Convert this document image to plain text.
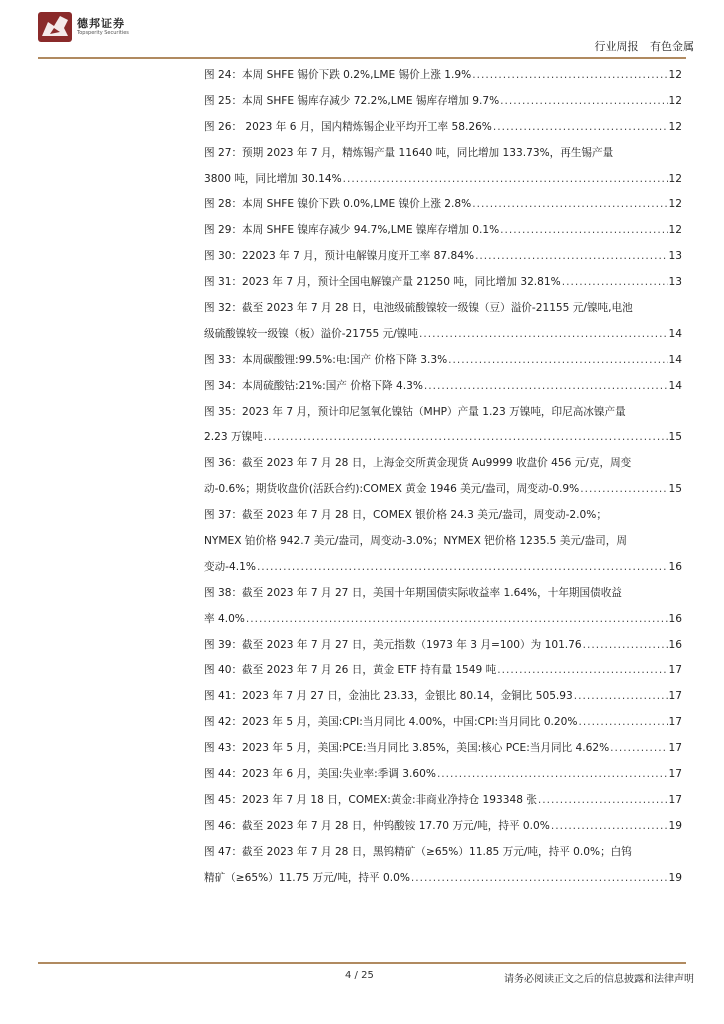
德邦证券
Topsperity Securities
行业周报 有色金属
图 24：本周 SHFE 锡价下跌 0.2%,LME 锡价上涨 1.9% .....	12
图 25：本周 SHFE 锡库存减少 72.2%,LME 锡库存增加 9.7% .....	12
图 26： 2023 年 6 月，国内精炼锡企业平均开工率 58.26% .....	12
图 27：预期 2023 年 7 月，精炼锡产量 11640 吨，同比增加 133.73%，再生锡产量
3800 吨，同比增加 30.14% .....	12
图 28：本周 SHFE 镍价下跌 0.0%,LME 镍价上涨 2.8% .....	12
图 29：本周 SHFE 镍库存减少 94.7%,LME 镍库存增加 0.1% .....	12
图 30：22023 年 7 月，预计电解镍月度开工率 87.84% .....	13
图 31：2023 年 7 月，预计全国电解镍产量 21250 吨，同比增加 32.81% .....	13
图 32：截至 2023 年 7 月 28 日，电池级硫酸镍较一级镍（豆）溢价-21155 元/镍吨,电池
级硫酸镍较一级镍（板）溢价-21755 元/镍吨 .....	14
图 33：本周碳酸锂:99.5%:电:国产 价格下降 3.3% .....	14
图 34：本周硫酸钴:21%:国产 价格下降 4.3% .....	14
图 35：2023 年 7 月，预计印尼氢氧化镍钴（MHP）产量 1.23 万镍吨，印尼高冰镍产量
2.23 万镍吨 .....	15
图 36：截至 2023 年 7 月 28 日，上海金交所黄金现货 Au9999 收盘价 456 元/克，周变
动-0.6%；期货收盘价(活跃合约):COMEX 黄金 1946 美元/盎司，周变动-0.9% .....	15
图 37：截至 2023 年 7 月 28 日，COMEX 银价格 24.3 美元/盎司，周变动-2.0%；
NYMEX 铂价格 942.7 美元/盎司，周变动-3.0%；NYMEX 钯价格 1235.5 美元/盎司，周
变动-4.1% .....	16
图 38：截至 2023 年 7 月 27 日，美国十年期国债实际收益率 1.64%，十年期国债收益
率 4.0% .....	16
图 39：截至 2023 年 7 月 27 日，美元指数（1973 年 3 月=100）为 101.76 .....	16
图 40：截至 2023 年 7 月 26 日，黄金 ETF 持有量 1549 吨 .....	17
图 41：2023 年 7 月 27 日，金油比 23.33，金银比 80.14，金铜比 505.93 .....	17
图 42：2023 年 5 月，美国:CPI:当月同比 4.00%，中国:CPI:当月同比 0.20% .....	17
图 43：2023 年 5 月，美国:PCE:当月同比 3.85%，美国:核心 PCE:当月同比 4.62% .....	17
图 44：2023 年 6 月，美国:失业率:季调 3.60% .....	17
图 45：2023 年 7 月 18 日，COMEX:黄金:非商业净持仓 193348 张 .....	17
图 46：截至 2023 年 7 月 28 日，仲钨酸铵 17.70 万元/吨，持平 0.0% .....	19
图 47：截至 2023 年 7 月 28 日，黑钨精矿（≥65%）11.85 万元/吨，持平 0.0%；白钨
精矿（≥65%）11.75 万元/吨，持平 0.0% .....	19
4 / 25	请务必阅读正文之后的信息披露和法律声明
